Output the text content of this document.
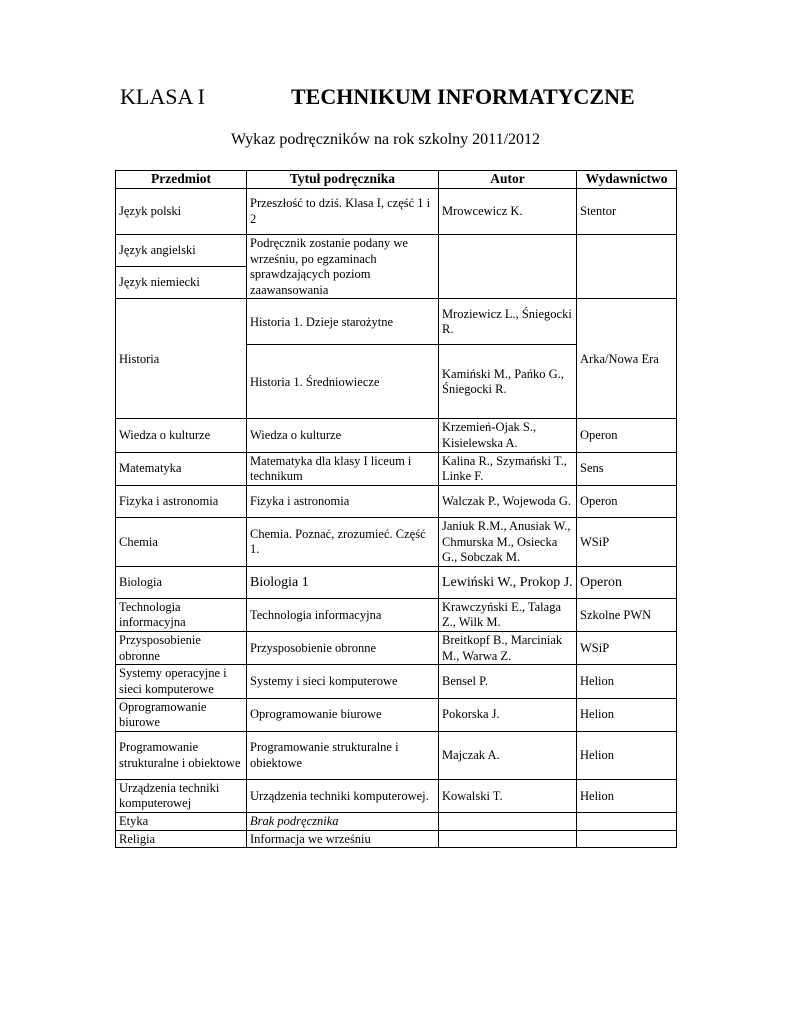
KLASA I	TECHNIKUM INFORMATYCZNE
Wykaz podręczników na rok szkolny 2011/2012
Przedmiot	Tytuł podręcznika	Autor	Wydawnictwo
Język polski	Przeszłość to dziś. Klasa I, część 1 i 2	Mrowcewicz K.	Stentor
Język angielski	Podręcznik zostanie podany we wrześniu, po egzaminach sprawdzających poziom zaawansowania		
Język niemiecki			
Historia	Historia 1. Dzieje starożytne	Mroziewicz L., Śniegocki R.	Arka/Nowa Era
	Historia 1. Średniowiecze	Kamiński M., Pańko G., Śniegocki R.	
Wiedza o kulturze	Wiedza o kulturze	Krzemień-Ojak S., Kisielewska A.	Operon
Matematyka	Matematyka dla klasy I liceum i technikum	Kalina R., Szymański T., Linke F.	Sens
Fizyka i astronomia	Fizyka i astronomia	Walczak P., Wojewoda G.	Operon
Chemia	Chemia. Poznać, zrozumieć. Część 1.	Janiuk R.M., Anusiak W., Chmurska M., Osiecka G., Sobczak M.	WSiP
Biologia	Biologia 1	Lewiński W., Prokop J.	Operon
Technologia informacyjna	Technologia informacyjna	Krawczyński E., Talaga Z., Wilk M.	Szkolne PWN
Przysposobienie obronne	Przysposobienie obronne	Breitkopf B., Marciniak M., Warwa Z.	WSiP
Systemy operacyjne i sieci komputerowe	Systemy i sieci komputerowe	Bensel P.	Helion
Oprogramowanie biurowe	Oprogramowanie biurowe	Pokorska J.	Helion
Programowanie strukturalne i obiektowe	Programowanie strukturalne i obiektowe	Majczak A.	Helion
Urządzenia techniki komputerowej	Urządzenia techniki komputerowej.	Kowalski T.	Helion
Etyka	Brak podręcznika		
Religia	Informacja we wrześniu		
